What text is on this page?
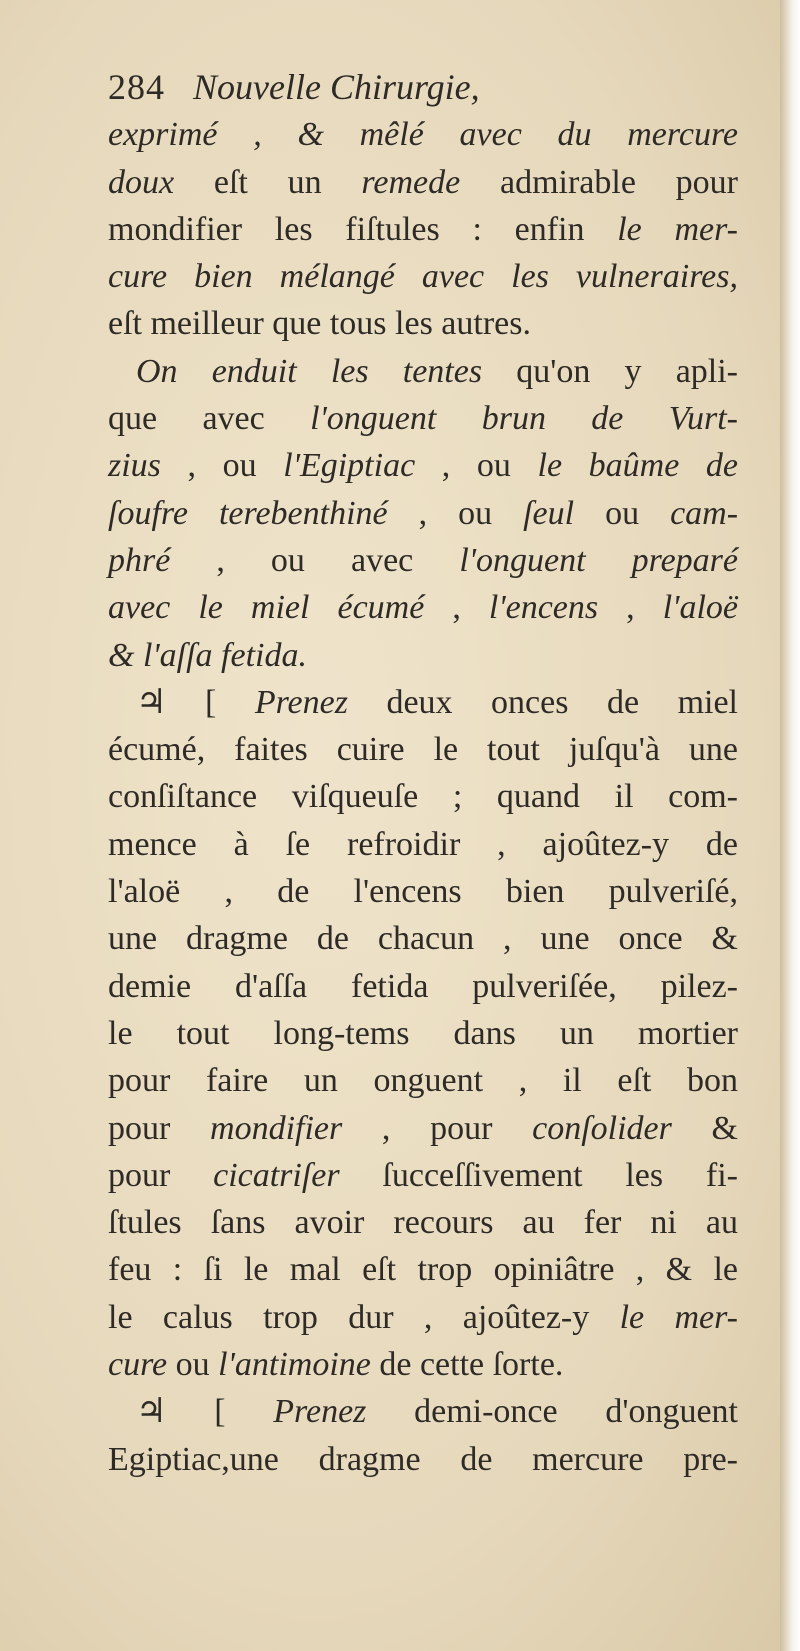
284 Nouvelle Chirurgie,
exprimé , & mêlé avec du mercure
doux eſt un remede admirable pour
mondifier les fiſtules : enfin le mer-
cure bien mélangé avec les vulneraires,
eſt meilleur que tous les autres.
On enduit les tentes qu'on y apli-
que avec l'onguent brun de Vurt-
zius , ou l'Egiptiac , ou le baûme de
ſoufre terebenthiné , ou ſeul ou cam-
phré , ou avec l'onguent preparé
avec le miel écumé , l'encens , l'aloë
& l'aſſa fetida.
♃ [ Prenez deux onces de miel
écumé, faites cuire le tout juſqu'à une
conſiſtance viſqueuſe ; quand il com-
mence à ſe refroidir , ajoûtez-y de
l'aloë , de l'encens bien pulveriſé,
une dragme de chacun , une once &
demie d'aſſa fetida pulveriſée, pilez-
le tout long-tems dans un mortier
pour faire un onguent , il eſt bon
pour mondifier , pour conſolider &
pour cicatriſer ſucceſſivement les fi-
ſtules ſans avoir recours au fer ni au
feu : ſi le mal eſt trop opiniâtre , & le
le calus trop dur , ajoûtez-y le mer-
cure ou l'antimoine de cette ſorte.
♃ [ Prenez demi-once d'onguent
Egiptiac,une dragme de mercure pre-
